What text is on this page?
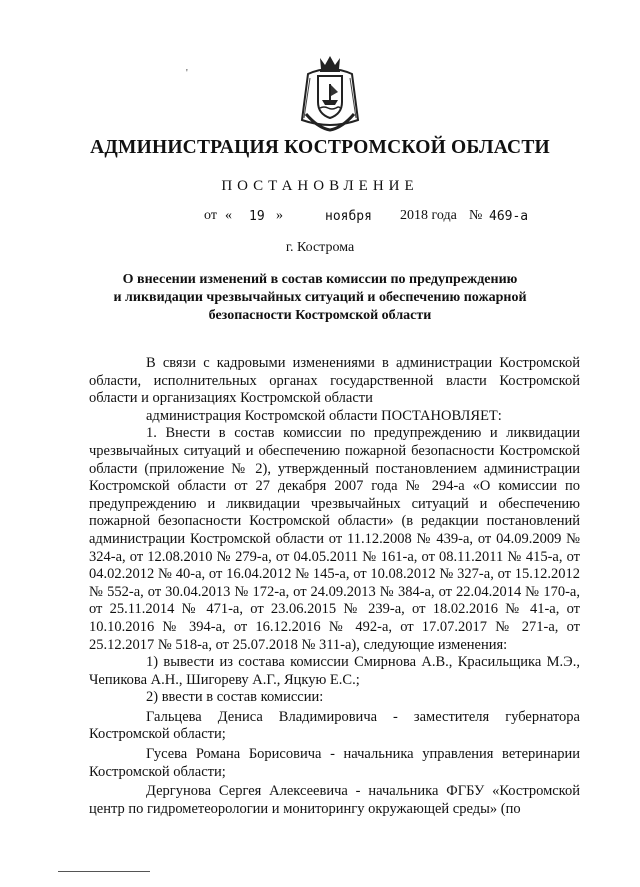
'
АДМИНИСТРАЦИЯ КОСТРОМСКОЙ ОБЛАСТИ
ПОСТАНОВЛЕНИЕ
от « 19 »	ноября 2018 года № 469-а
г. Кострома
О внесении изменений в состав комиссии по предупреждению
и ликвидации чрезвычайных ситуаций и обеспечению пожарной
безопасности Костромской области

В связи с кадровыми изменениями в администрации Костромской области, исполнительных органах государственной власти Костромской области и организациях Костромской области

администрация Костромской области ПОСТАНОВЛЯЕТ:

1. Внести в состав комиссии по предупреждению и ликвидации чрезвычайных ситуаций и обеспечению пожарной безопасности Костромской области (приложение № 2), утвержденный постановлением администрации Костромской области от 27 декабря 2007 года № 294-а «О комиссии по предупреждению и ликвидации чрезвычайных ситуаций и обеспечению пожарной безопасности Костромской области» (в редакции постановлений администрации Костромской области от 11.12.2008 № 439-а, от 04.09.2009 № 324-а, от 12.08.2010 № 279-а, от 04.05.2011 № 161-а, от 08.11.2011 № 415-а, от 04.02.2012 № 40-а, от 16.04.2012 № 145-а, от 10.08.2012 № 327-а, от 15.12.2012 № 552-а, от 30.04.2013 № 172-а, от 24.09.2013 № 384-а, от 22.04.2014 № 170-а, от 25.11.2014 № 471-а, от 23.06.2015 № 239-а, от 18.02.2016 № 41-а, от 10.10.2016 № 394-а, от 16.12.2016 № 492-а, от 17.07.2017 № 271-а, от 25.12.2017 № 518-а, от 25.07.2018 № 311-а), следующие изменения:

1) вывести из состава комиссии Смирнова А.В., Красильщика М.Э., Чепикова А.Н., Шигореву А.Г., Яцкую Е.С.;

2) ввести в состав комиссии:

Гальцева Дениса Владимировича - заместителя губернатора Костромской области;

Гусева Романа Борисовича - начальника управления ветеринарии Костромской области;

Дергунова Сергея Алексеевича - начальника ФГБУ «Костромской центр по гидрометеорологии и мониторингу окружающей среды» (по
